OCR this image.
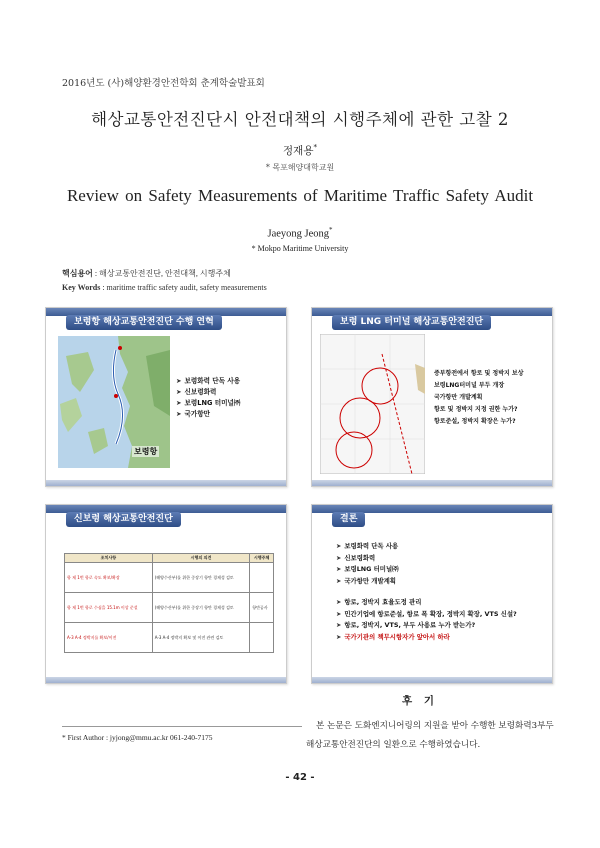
2016년도 (사)해양환경안전학회 춘계학술발표회
해상교통안전진단시 안전대책의 시행주체에 관한 고찰 2
정재용*
* 목포해양대학교원
Review on Safety Measurements of Maritime Traffic Safety Audit
Jaeyong Jeong*
* Mokpo Maritime University
핵심용어 : 해상교통안전진단, 안전대책, 시행주체
Key Words : maritime traffic safety audit, safety measurements
보령항 해상교통안전진단 수행 연혁
보령항
➤ 보령화력 단독 사용
➤ 신보령화력
➤ 보령LNG 터미널㈜
➤ 국가항만
보령 LNG 터미널 해상교통안전진단
증부항전에서 항로 및 정박지 보상
보령LNG터미널 부두 개장
국가항만 개발계획
항로 및 정박지 지정 권한 누가?
항로준설, 정박지 확장은 누가?
신보령 해상교통안전진단
조치사항	시행의 의견	시행주체
항 제 1번 항로 속도 확보/확장	(해양수산부)를 위한 중장기 항만 경제성 검토	
항 제 1번 항로 수심을 15.1m 이상 준설	(해양수산부)를 위한 중장기 항만 경제성 검토	항만공사
A-3 A-4 정박지를 확보/이전	A-3 A-4 정박지 확보 및 이전 관련 검토	
결론
➤ 보령화력 단독 사용
➤ 신보령화력
➤ 보령LNG 터미널㈜
➤ 국가항만 개발계획
➤ 항로, 정박지 효율도정 관리
➤ 민간기업에 항로준설, 항로 폭 확장, 정박지 확장, VTS 신설?
➤ 항로, 정박지, VTS, 부두 사용료 누가 받는가?
➤ 국가기관의 책무시항자가 앞아서 하라
후 기
본 논문은 도화엔지니어링의 지원을 받아 수행한 보령화력3부두 해상교통안전진단의 일환으로 수행하였습니다.
* First Author : jyjong@mmu.ac.kr 061-240-7175
- 42 -
